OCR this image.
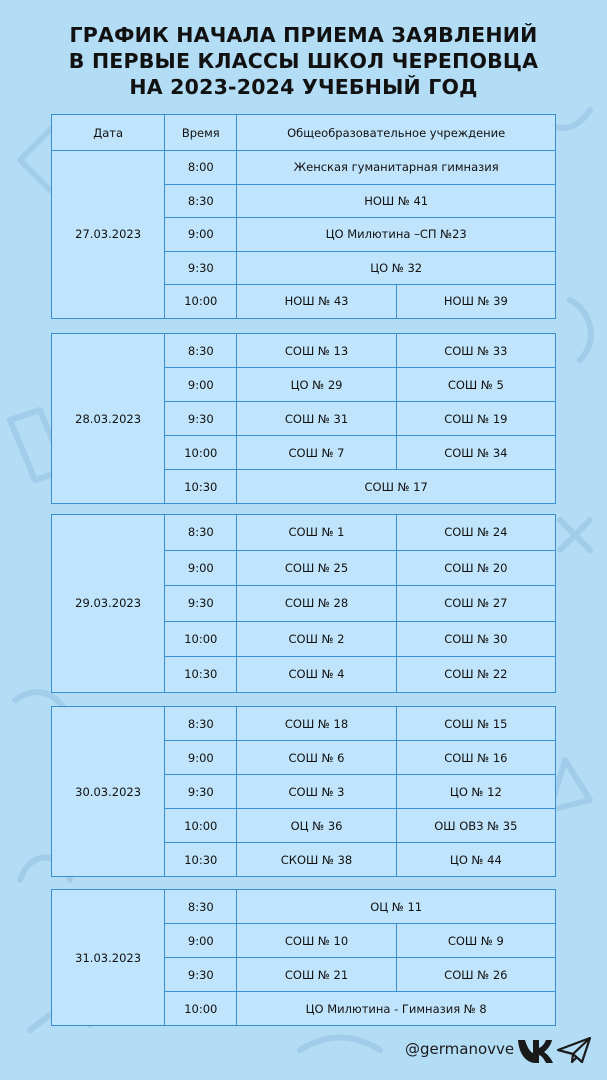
ГРАФИК НАЧАЛА ПРИЕМА ЗАЯВЛЕНИЙ
В ПЕРВЫЕ КЛАССЫ ШКОЛ ЧЕРЕПОВЦА
НА 2023-2024 УЧЕБНЫЙ ГОД
Дата	Время	Общеобразовательное учреждение	
27.03.2023	8:00	Женская гуманитарная гимназия	
	8:30	НОШ № 41	
	9:00	ЦО Милютина –СП №23	
	9:30	ЦО № 32	
	10:00	НОШ № 43	НОШ № 39
28.03.2023	8:30	СОШ № 13	СОШ № 33
	9:00	ЦО № 29	СОШ № 5
	9:30	СОШ № 31	СОШ № 19
	10:00	СОШ № 7	СОШ № 34
	10:30	СОШ № 17	
29.03.2023	8:30	СОШ № 1	СОШ № 24
	9:00	СОШ № 25	СОШ № 20
	9:30	СОШ № 28	СОШ № 27
	10:00	СОШ № 2	СОШ № 30
	10:30	СОШ № 4	СОШ № 22
30.03.2023	8:30	СОШ № 18	СОШ № 15
	9:00	СОШ № 6	СОШ № 16
	9:30	СОШ № 3	ЦО № 12
	10:00	ОЦ № 36	ОШ ОВЗ № 35
	10:30	СКОШ № 38	ЦО № 44
31.03.2023	8:30	ОЦ № 11	
	9:00	СОШ № 10	СОШ № 9
	9:30	СОШ № 21	СОШ № 26
	10:00	ЦО Милютина - Гимназия № 8	
@germanovve
